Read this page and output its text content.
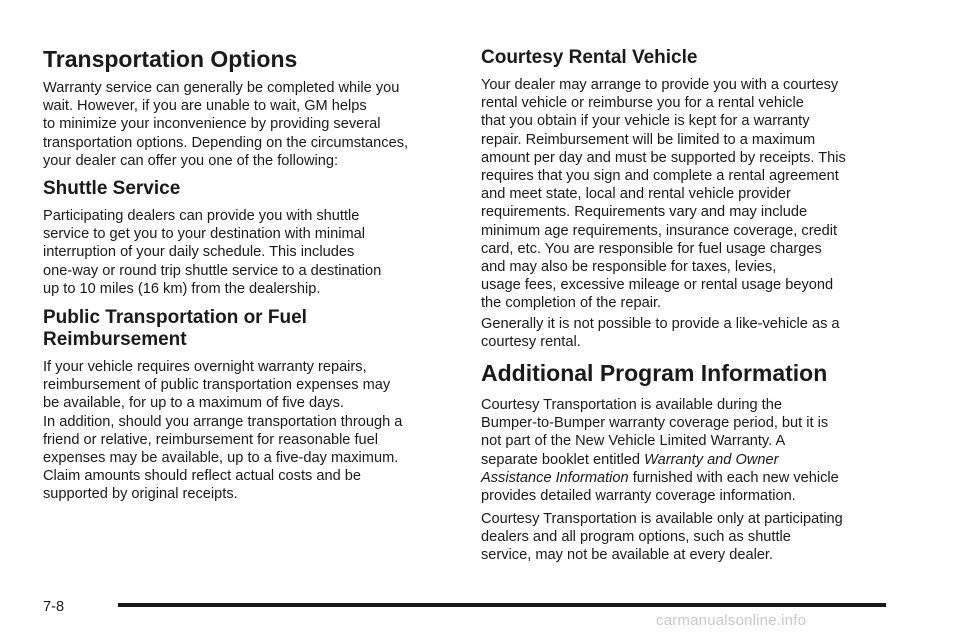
Transportation Options

Warranty service can generally be completed while you
wait. However, if you are unable to wait, GM helps
to minimize your inconvenience by providing several
transportation options. Depending on the circumstances,
your dealer can offer you one of the following:

Shuttle Service

Participating dealers can provide you with shuttle
service to get you to your destination with minimal
interruption of your daily schedule. This includes
one-way or round trip shuttle service to a destination
up to 10 miles (16 km) from the dealership.

Public Transportation or Fuel
Reimbursement

If your vehicle requires overnight warranty repairs,
reimbursement of public transportation expenses may
be available, for up to a maximum of five days.
In addition, should you arrange transportation through a
friend or relative, reimbursement for reasonable fuel
expenses may be available, up to a five-day maximum.
Claim amounts should reflect actual costs and be
supported by original receipts.

Courtesy Rental Vehicle

Your dealer may arrange to provide you with a courtesy
rental vehicle or reimburse you for a rental vehicle
that you obtain if your vehicle is kept for a warranty
repair. Reimbursement will be limited to a maximum
amount per day and must be supported by receipts. This
requires that you sign and complete a rental agreement
and meet state, local and rental vehicle provider
requirements. Requirements vary and may include
minimum age requirements, insurance coverage, credit
card, etc. You are responsible for fuel usage charges
and may also be responsible for taxes, levies,
usage fees, excessive mileage or rental usage beyond
the completion of the repair.

Generally it is not possible to provide a like-vehicle as a
courtesy rental.

Additional Program Information

Courtesy Transportation is available during the
Bumper-to-Bumper warranty coverage period, but it is
not part of the New Vehicle Limited Warranty. A
separate booklet entitled Warranty and Owner
Assistance Information furnished with each new vehicle
provides detailed warranty coverage information.

Courtesy Transportation is available only at participating
dealers and all program options, such as shuttle
service, may not be available at every dealer.

7-8
carmanualsonline.info
